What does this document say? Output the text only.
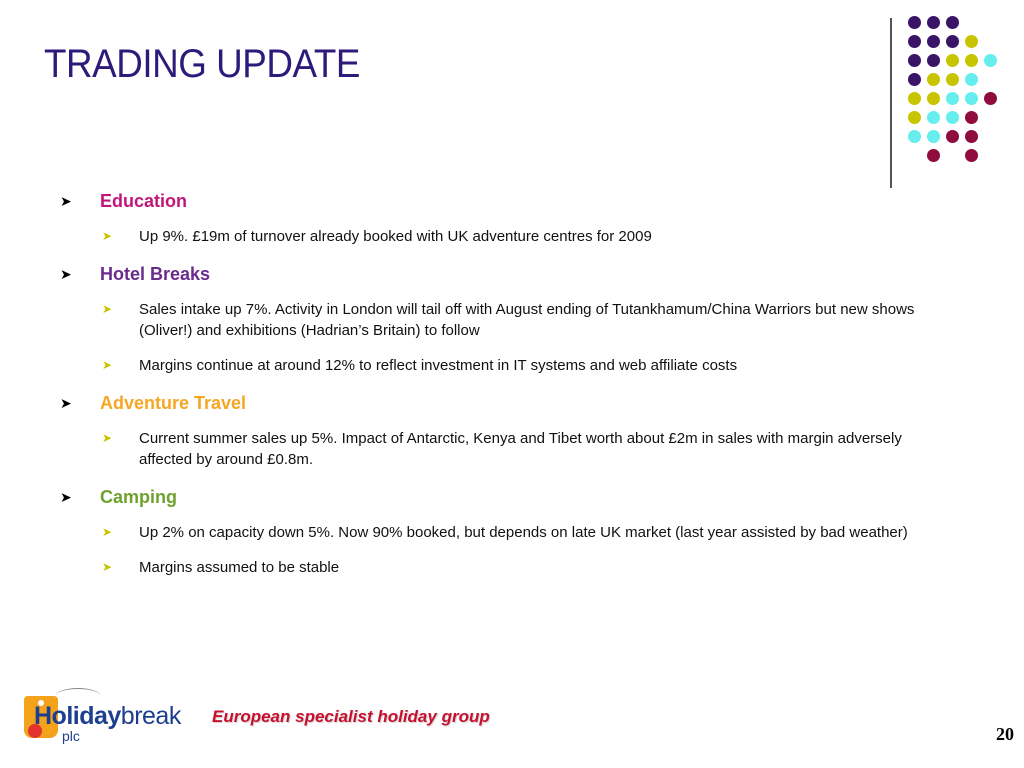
TRADING UPDATE

➤ Education

➤ Up 9%. £19m of turnover already booked with UK adventure centres for 2009

➤ Hotel Breaks

➤ Sales intake up 7%. Activity in London will tail off with August ending of Tutankhamum/China Warriors but new shows (Oliver!) and exhibitions (Hadrian’s Britain) to follow

➤ Margins continue at around 12% to reflect investment in IT systems and web affiliate costs

➤ Adventure Travel

➤ Current summer sales up 5%. Impact of Antarctic, Kenya and Tibet worth about £2m in sales with margin adversely affected by around £0.8m.

➤ Camping

➤ Up 2% on capacity down 5%. Now 90% booked, but depends on late UK market (last year assisted by bad weather)

➤ Margins assumed to be stable

Holidaybreak
plc
European specialist holiday group
20
